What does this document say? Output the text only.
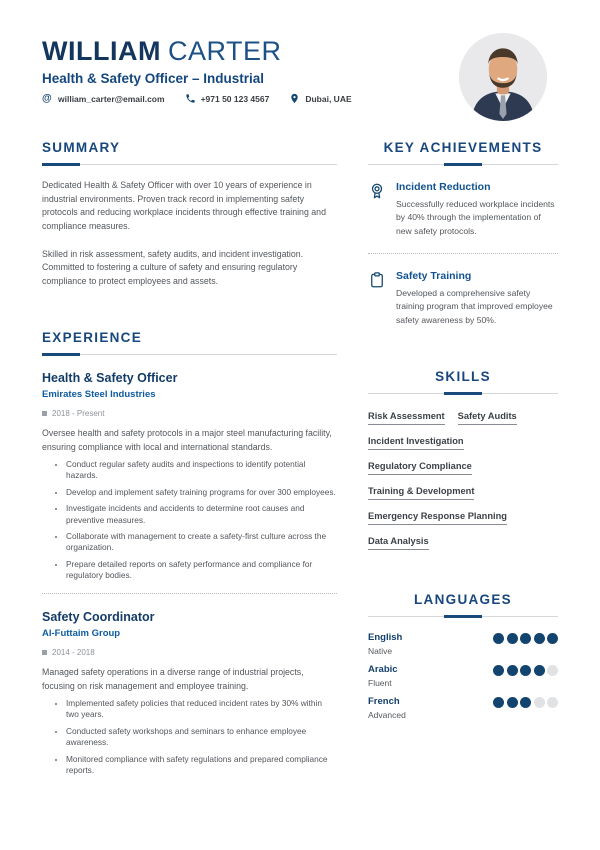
WILLIAM CARTER
Health & Safety Officer – Industrial
@ william_carter@email.com	+971 50 123 4567	Dubai, UAE
SUMMARY

Dedicated Health & Safety Officer with over 10 years of experience in industrial environments. Proven track record in implementing safety protocols and reducing workplace incidents through effective training and compliance measures.

Skilled in risk assessment, safety audits, and incident investigation. Committed to fostering a culture of safety and ensuring regulatory compliance to protect employees and assets.

EXPERIENCE
Health & Safety Officer
Emirates Steel Industries
2018 - Present

Oversee health and safety protocols in a major steel manufacturing facility, ensuring compliance with local and international standards.

• Conduct regular safety audits and inspections to identify potential hazards.
• Develop and implement safety training programs for over 300 employees.
• Investigate incidents and accidents to determine root causes and preventive measures.
• Collaborate with management to create a safety-first culture across the organization.
• Prepare detailed reports on safety performance and compliance for regulatory bodies.
Safety Coordinator
Al-Futtaim Group
2014 - 2018

Managed safety operations in a diverse range of industrial projects, focusing on risk management and employee training.

• Implemented safety policies that reduced incident rates by 30% within two years.
• Conducted safety workshops and seminars to enhance employee awareness.
• Monitored compliance with safety regulations and prepared compliance reports.
KEY ACHIEVEMENTS
Incident Reduction

Successfully reduced workplace incidents by 40% through the implementation of new safety protocols.

Safety Training

Developed a comprehensive safety training program that improved employee safety awareness by 50%.

SKILLS
Risk Assessment Safety Audits
Incident Investigation
Regulatory Compliance
Training & Development
Emergency Response Planning
Data Analysis
LANGUAGES
English
Native
Arabic
Fluent
French
Advanced
